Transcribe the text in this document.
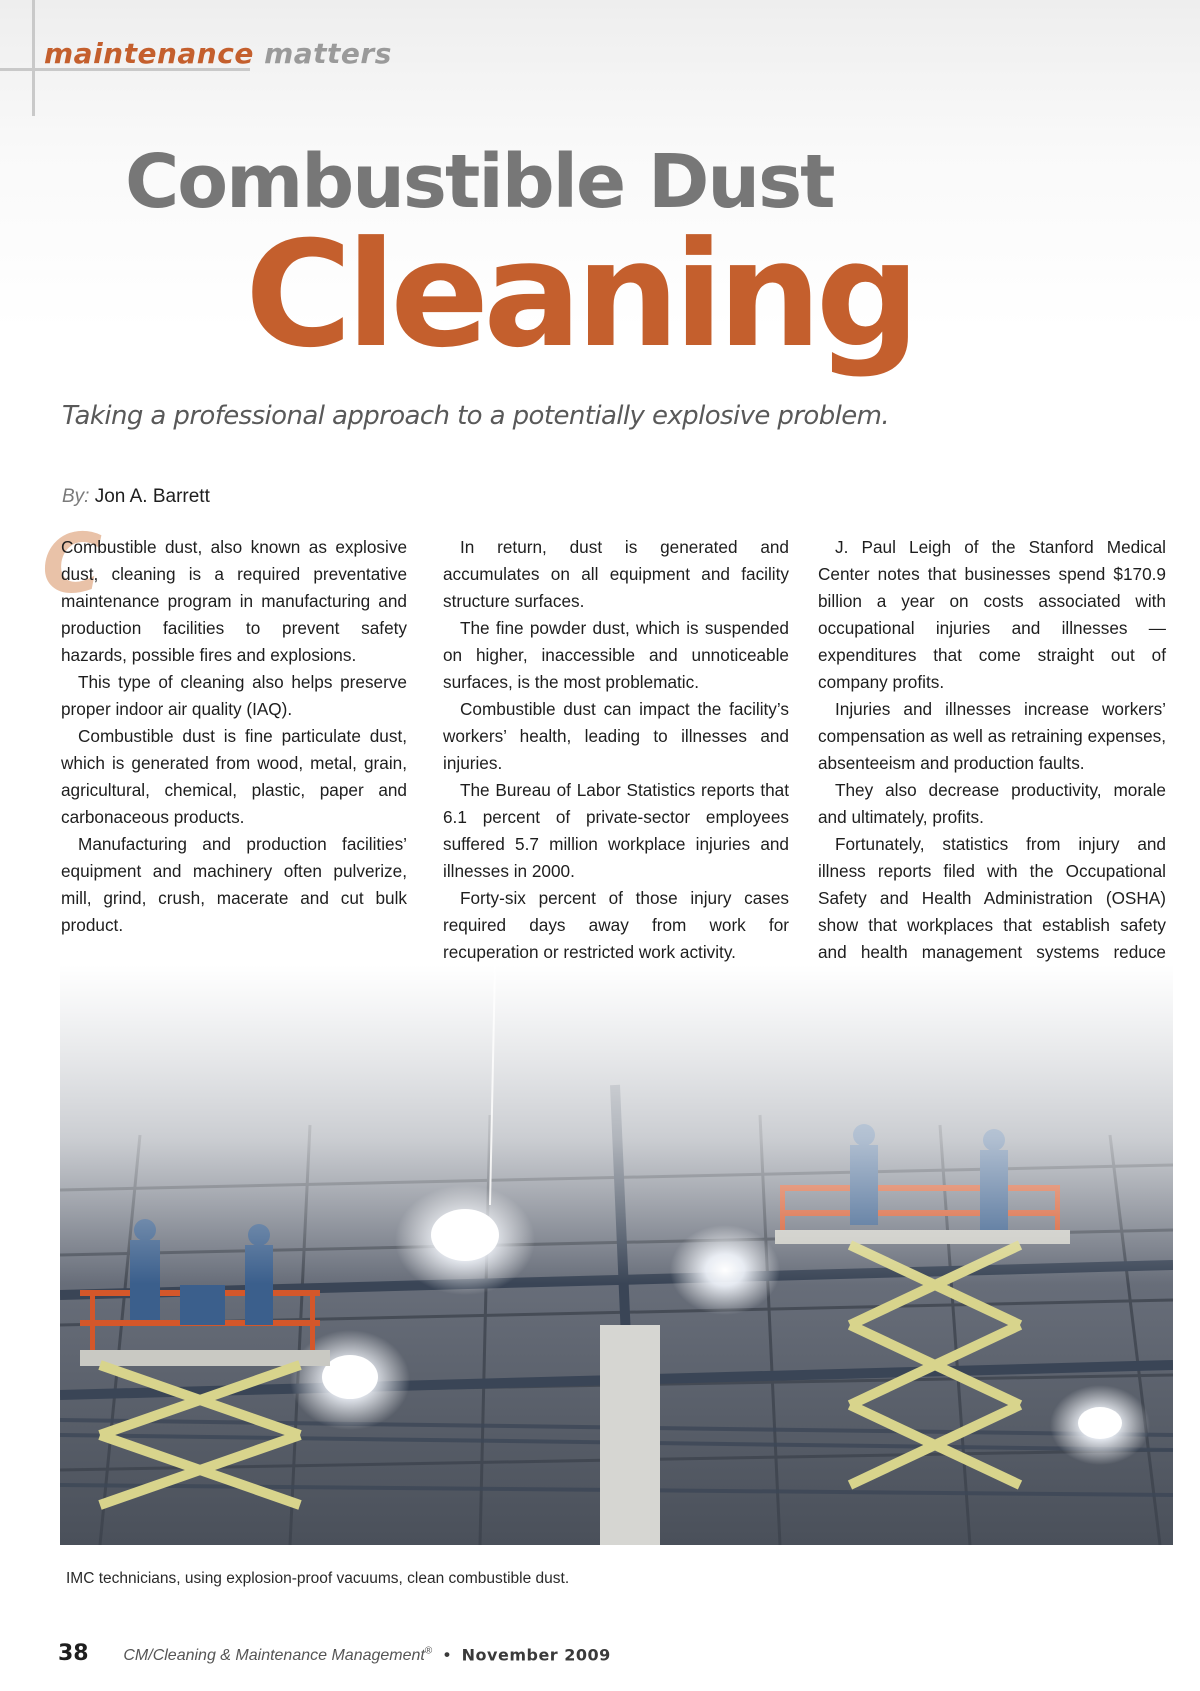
maintenance matters
Combustible Dust
Cleaning

Taking a professional approach to a potentially explosive problem.

By: Jon A. Barrett
C

Combustible dust, also known as explosive dust, cleaning is a required preventative maintenance program in manufacturing and production facilities to prevent safety hazards, possible fires and explosions.

This type of cleaning also helps preserve proper indoor air quality (IAQ).

Combustible dust is fine particulate dust, which is generated from wood, metal, grain, agricultural, chemical, plastic, paper and carbonaceous products.

Manufacturing and production facilities’ equipment and machinery often pulverize, mill, grind, crush, macerate and cut bulk product.

In return, dust is generated and accumulates on all equipment and facility structure surfaces.

The fine powder dust, which is suspended on higher, inaccessible and unnoticeable surfaces, is the most problematic.

Combustible dust can impact the facility’s workers’ health, leading to illnesses and injuries.

The Bureau of Labor Statistics reports that 6.1 percent of private-sector employees suffered 5.7 million workplace injuries and illnesses in 2000.

Forty-six percent of those injury cases required days away from work for recuperation or restricted work activity.

J. Paul Leigh of the Stanford Medical Center notes that businesses spend $170.9 billion a year on costs associated with occupational injuries and illnesses — expenditures that come straight out of company profits.

Injuries and illnesses increase workers’ compensation as well as retraining expenses, absenteeism and production faults.

They also decrease productivity, morale and ultimately, profits.

Fortunately, statistics from injury and illness reports filed with the Occupational Safety and Health Administration (OSHA) show that workplaces that establish safety and health management systems reduce

IMC technicians, using explosion-proof vacuums, clean combustible dust.
38 CM/Cleaning & Maintenance Management® • November 2009
